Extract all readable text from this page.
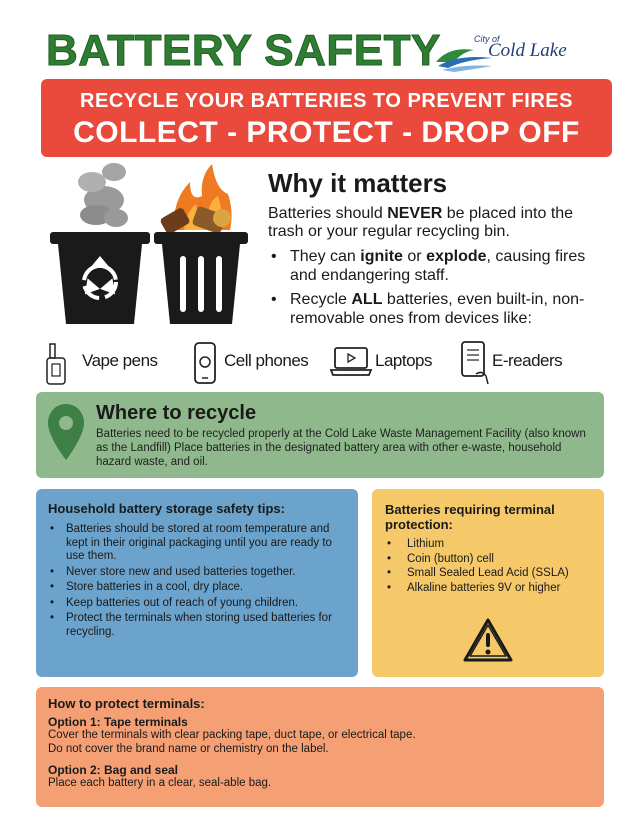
BATTERY SAFETY	City of
Cold Lake
RECYCLE YOUR BATTERIES TO PREVENT FIRES
COLLECT - PROTECT - DROP OFF
Why it matters
Batteries should NEVER be placed into the trash or your regular recycling bin.
• They can ignite or explode, causing fires and endangering staff.
• Recycle ALL batteries, even built-in, non-removable ones from devices like:
Vape pens	Cell phones	Laptops	E-readers
Where to recycle
Batteries need to be recycled properly at the Cold Lake Waste Management Facility (also known as the Landfill) Place batteries in the designated battery area with other e-waste, household hazard waste, and oil.
Household battery storage safety tips:
• Batteries should be stored at room temperature and kept in their original packaging until you are ready to use them.
• Never store new and used batteries together.
• Store batteries in a cool, dry place.
• Keep batteries out of reach of young children.
• Protect the terminals when storing used batteries for recycling.
Batteries requiring terminal protection:
• Lithium
• Coin (button) cell
• Small Sealed Lead Acid (SSLA)
• Alkaline batteries 9V or higher
How to protect terminals:
Option 1: Tape terminals
Cover the terminals with clear packing tape, duct tape, or electrical tape.
Do not cover the brand name or chemistry on the label.
Option 2: Bag and seal
Place each battery in a clear, seal-able bag.
